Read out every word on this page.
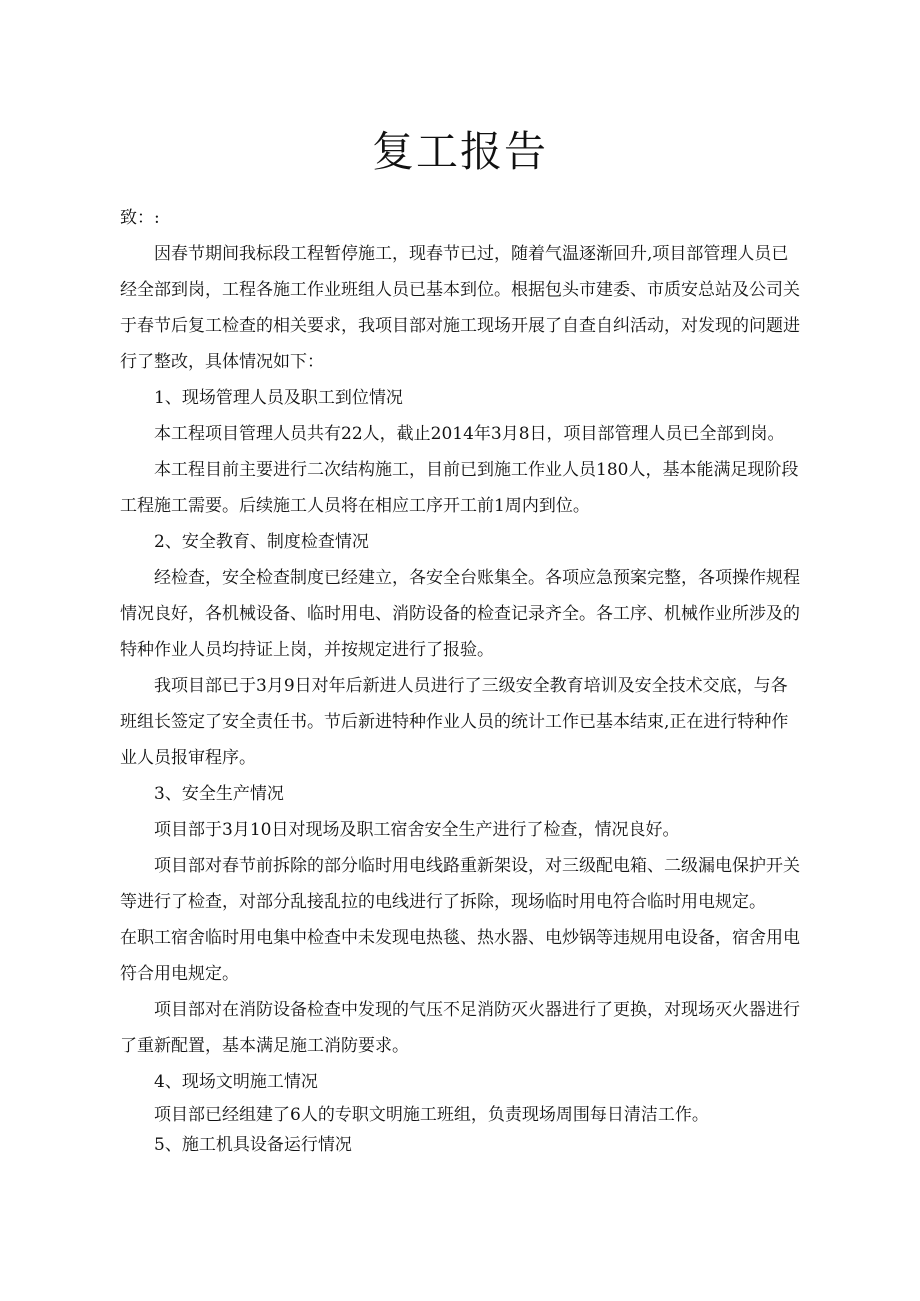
复工报告

致：:

因春节期间我标段工程暂停施工，现春节已过，随着气温逐渐回升,项目部管理人员已经全部到岗，工程各施工作业班组人员已基本到位。根据包头市建委、市质安总站及公司关于春节后复工检查的相关要求，我项目部对施工现场开展了自查自纠活动，对发现的问题进行了整改，具体情况如下：

1、现场管理人员及职工到位情况

本工程项目管理人员共有22人，截止2014年3月8日，项目部管理人员已全部到岗。

本工程目前主要进行二次结构施工，目前已到施工作业人员180人，基本能满足现阶段工程施工需要。后续施工人员将在相应工序开工前1周内到位。

2、安全教育、制度检查情况

经检查，安全检查制度已经建立，各安全台账集全。各项应急预案完整，各项操作规程情况良好，各机械设备、临时用电、消防设备的检查记录齐全。各工序、机械作业所涉及的特种作业人员均持证上岗，并按规定进行了报验。

我项目部已于3月9日对年后新进人员进行了三级安全教育培训及安全技术交底，与各班组长签定了安全责任书。节后新进特种作业人员的统计工作已基本结束,正在进行特种作业人员报审程序。

3、安全生产情况

项目部于3月10日对现场及职工宿舍安全生产进行了检查，情况良好。

项目部对春节前拆除的部分临时用电线路重新架设，对三级配电箱、二级漏电保护开关等进行了检查，对部分乱接乱拉的电线进行了拆除，现场临时用电符合临时用电规定。

在职工宿舍临时用电集中检查中未发现电热毯、热水器、电炒锅等违规用电设备，宿舍用电符合用电规定。

项目部对在消防设备检查中发现的气压不足消防灭火器进行了更换，对现场灭火器进行了重新配置，基本满足施工消防要求。

4、现场文明施工情况

项目部已经组建了6人的专职文明施工班组，负责现场周围每日清洁工作。

5、施工机具设备运行情况
